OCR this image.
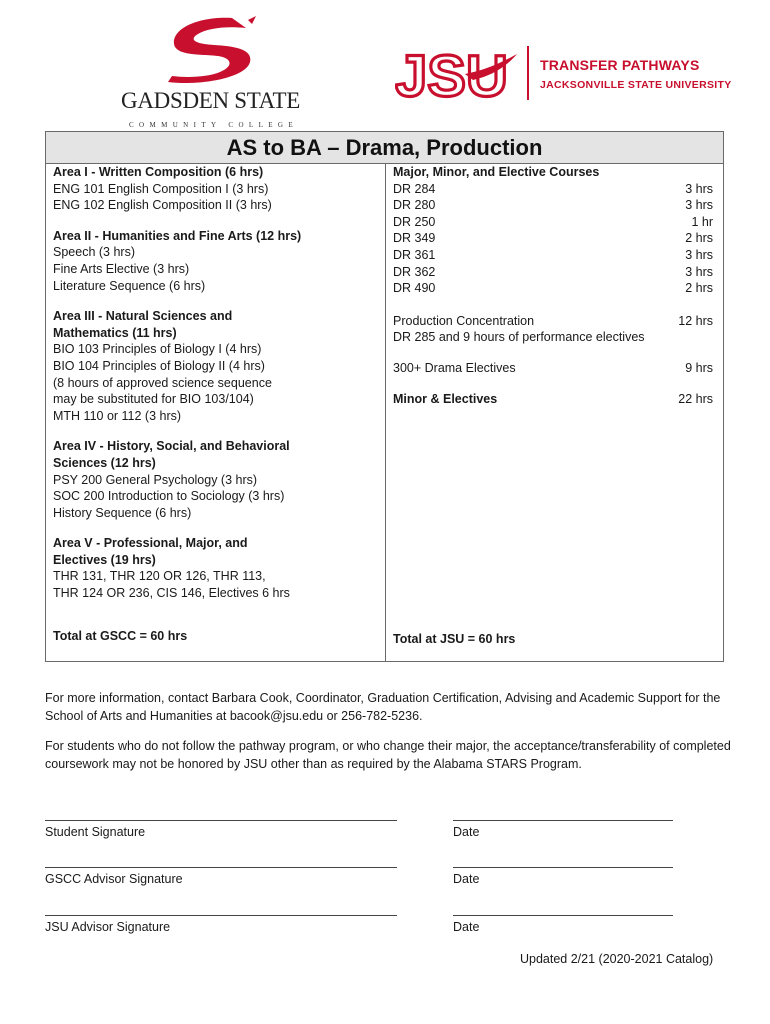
GADSDEN STATE
COMMUNITY COLLEGE
JSU TRANSFER PATHWAYS
JACKSONVILLE STATE UNIVERSITY
AS to BA – Drama, Production
Area I - Written Composition (6 hrs)
ENG 101 English Composition I (3 hrs)
ENG 102 English Composition II (3 hrs)
Area II - Humanities and Fine Arts (12 hrs)
Speech (3 hrs)
Fine Arts Elective (3 hrs)
Literature Sequence (6 hrs)
Area III - Natural Sciences and
Mathematics (11 hrs)
BIO 103 Principles of Biology I (4 hrs)
BIO 104 Principles of Biology II (4 hrs)
(8 hours of approved science sequence
may be substituted for BIO 103/104)
MTH 110 or 112 (3 hrs)
Area IV - History, Social, and Behavioral
Sciences (12 hrs)
PSY 200 General Psychology (3 hrs)
SOC 200 Introduction to Sociology (3 hrs)
History Sequence (6 hrs)
Area V - Professional, Major, and
Electives (19 hrs)
THR 131, THR 120 OR 126, THR 113,
THR 124 OR 236, CIS 146, Electives 6 hrs
Major, Minor, and Elective Courses
DR 284	3 hrs
DR 280	3 hrs
DR 250	1 hr
DR 349	2 hrs
DR 361	3 hrs
DR 362	3 hrs
DR 490	2 hrs
Production Concentration	12 hrs
DR 285 and 9 hours of performance electives
300+ Drama Electives	9 hrs
Minor & Electives	22 hrs
Total at GSCC = 60 hrs	Total at JSU = 60 hrs
For more information, contact Barbara Cook, Coordinator, Graduation Certification, Advising and Academic Support for the School of Arts and Humanities at bacook@jsu.edu or 256-782-5236.
For students who do not follow the pathway program, or who change their major, the acceptance/transferability of completed coursework may not be honored by JSU other than as required by the Alabama STARS Program.
Student Signature	Date
GSCC Advisor Signature	Date
JSU Advisor Signature	Date
Updated 2/21 (2020-2021 Catalog)
